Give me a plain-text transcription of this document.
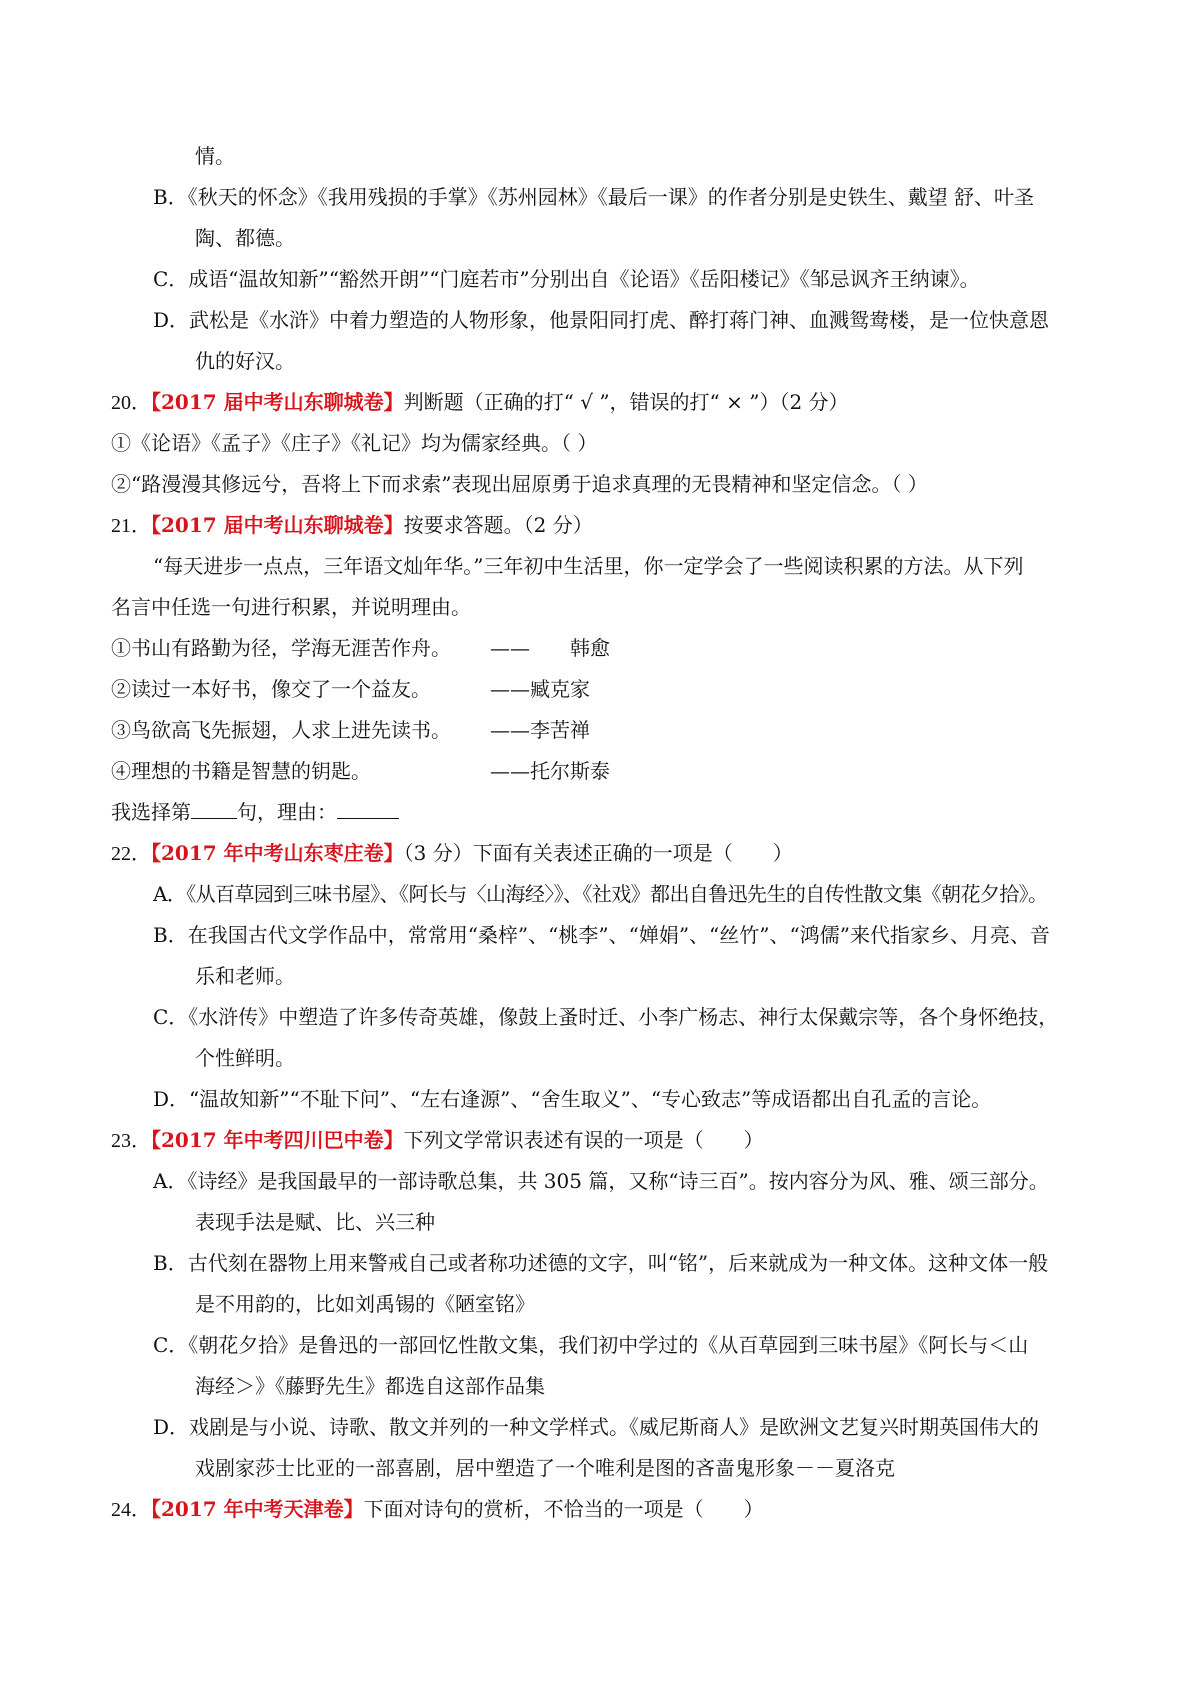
情。
B．《秋天的怀念》《我用残损的手掌》《苏州园林》《最后一课》的作者分别是史铁生、戴望 舒、叶圣
陶、都德。
C．成语“温故知新”“豁然开朗”“门庭若市”分别出自《论语》《岳阳楼记》《邹忌讽齐王纳谏》。
D．武松是《水浒》中着力塑造的人物形象，他景阳同打虎、醉打蒋门神、血溅鸳鸯楼，是一位快意恩
仇的好汉。
20．【2017 届中考山东聊城卷】判断题（正确的打“ √ ”，错误的打“ × ”）（2 分）
①《论语》《孟子》《庄子》《礼记》均为儒家经典。（ ）
②“路漫漫其修远兮，吾将上下而求索”表现出屈原勇于追求真理的无畏精神和坚定信念。（ ）
21．【2017 届中考山东聊城卷】按要求答题。（2 分）
“每天进步一点点，三年语文灿年华。”三年初中生活里，你一定学会了一些阅读积累的方法。从下列
名言中任选一句进行积累，并说明理由。
①书山有路勤为径，学海无涯苦作舟。 ——　　韩愈
②读过一本好书，像交了一个益友。	——臧克家
③鸟欲高飞先振翅，人求上进先读书。 ——李苦禅
④理想的书籍是智慧的钥匙。	——托尔斯泰
我选择第 句，理由：
22．【2017 年中考山东枣庄卷】（3 分）下面有关表述正确的一项是（　　）
A．《从百草园到三味书屋》、《阿长与〈山海经〉》、《社戏》都出自鲁迅先生的自传性散文集《朝花夕拾》。
B．在我国古代文学作品中，常常用“桑梓”、“桃李”、“婵娟”、“丝竹”、“鸿儒”来代指家乡、月亮、音
乐和老师。
C．《水浒传》中塑造了许多传奇英雄，像鼓上蚤时迁、小李广杨志、神行太保戴宗等，各个身怀绝技，
个性鲜明。
D．“温故知新”“不耻下问”、“左右逢源”、“舍生取义”、“专心致志”等成语都出自孔孟的言论。
23．【2017 年中考四川巴中卷】下列文学常识表述有误的一项是（　　）
A．《诗经》是我国最早的一部诗歌总集，共 305 篇，又称“诗三百”。按内容分为风、雅、颂三部分。
表现手法是赋、比、兴三种
B．古代刻在器物上用来警戒自己或者称功述德的文字，叫“铭”，后来就成为一种文体。这种文体一般
是不用韵的，比如刘禹锡的《陋室铭》
C．《朝花夕拾》是鲁迅的一部回忆性散文集，我们初中学过的《从百草园到三味书屋》《阿长与＜山
海经＞》《藤野先生》都选自这部作品集
D．戏剧是与小说、诗歌、散文并列的一种文学样式。《威尼斯商人》是欧洲文艺复兴时期英国伟大的
戏剧家莎士比亚的一部喜剧，居中塑造了一个唯利是图的吝啬鬼形象－－夏洛克
24．【2017 年中考天津卷】下面对诗句的赏析，不恰当的一项是（　　）
